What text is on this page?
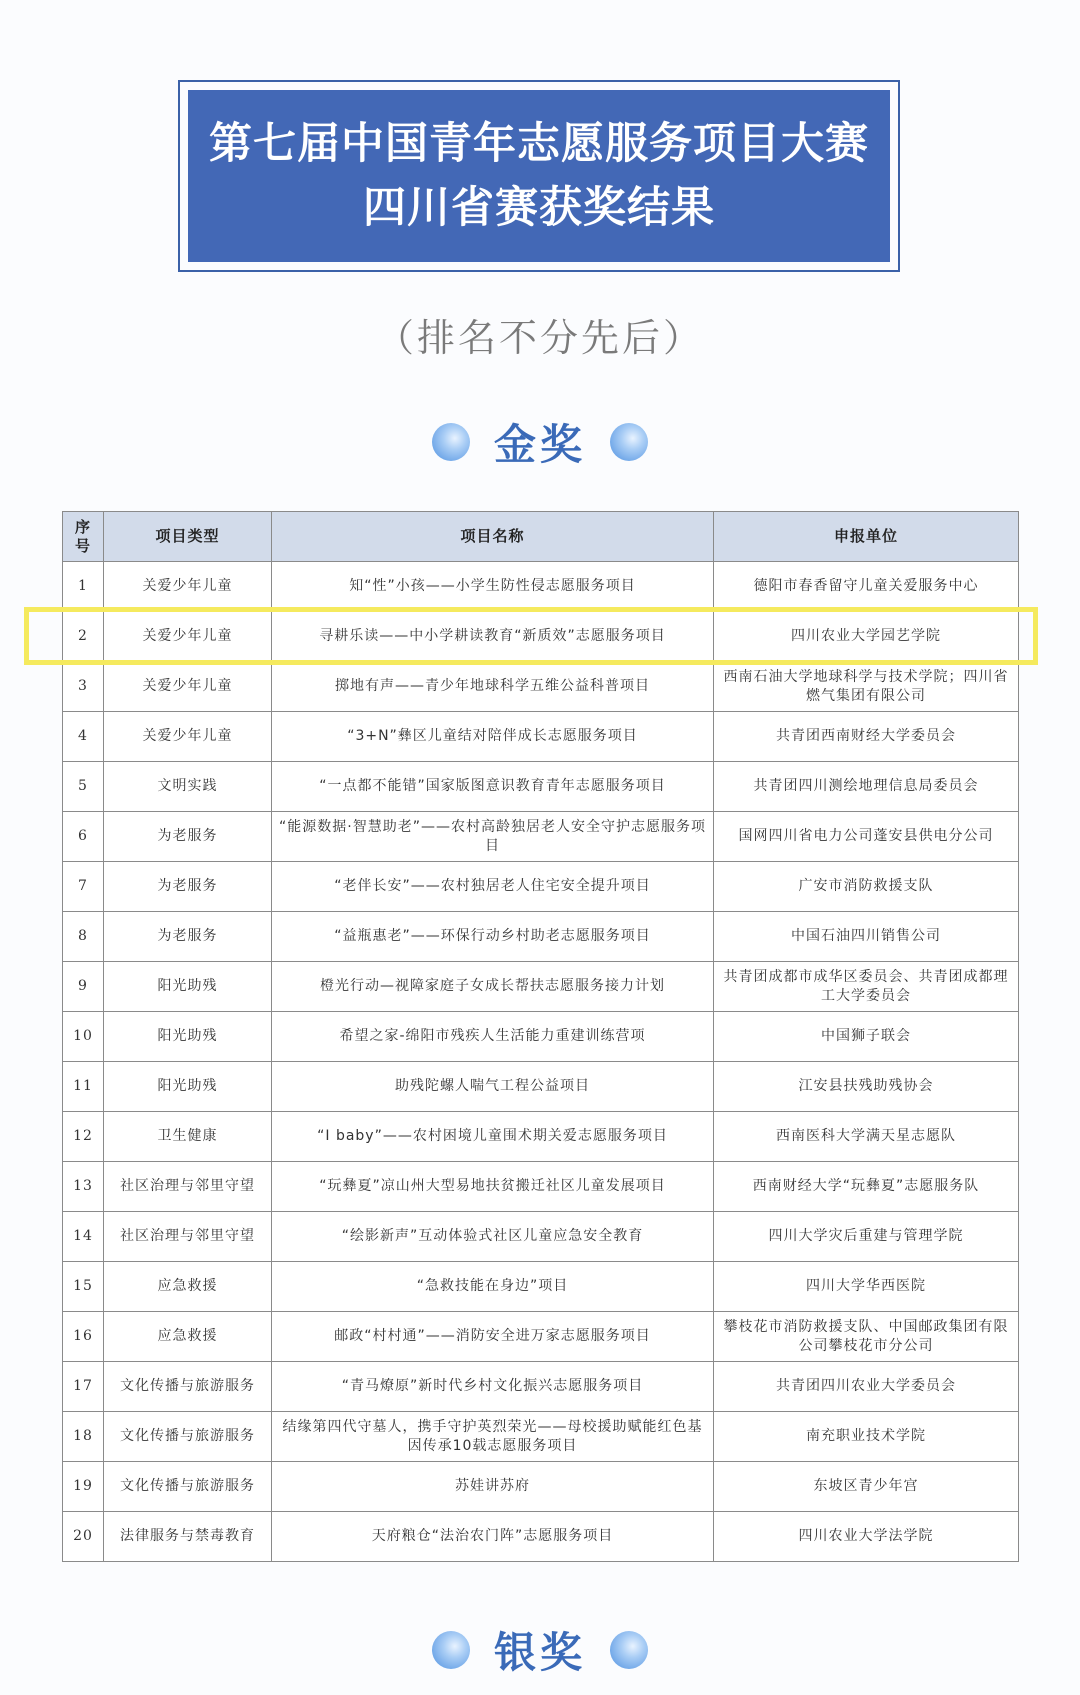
第七届中国青年志愿服务项目大赛
四川省赛获奖结果
（排名不分先后）
金奖
序号	项目类型	项目名称	申报单位
1	关爱少年儿童	知“性”小孩——小学生防性侵志愿服务项目	德阳市春香留守儿童关爱服务中心
2	关爱少年儿童	寻耕乐读——中小学耕读教育“新质效”志愿服务项目	四川农业大学园艺学院
3	关爱少年儿童	掷地有声——青少年地球科学五维公益科普项目	西南石油大学地球科学与技术学院；四川省燃气集团有限公司
4	关爱少年儿童	“3+N”彝区儿童结对陪伴成长志愿服务项目	共青团西南财经大学委员会
5	文明实践	“一点都不能错”国家版图意识教育青年志愿服务项目	共青团四川测绘地理信息局委员会
6	为老服务	“能源数据·智慧助老”——农村高龄独居老人安全守护志愿服务项目	国网四川省电力公司蓬安县供电分公司
7	为老服务	“老伴长安”——农村独居老人住宅安全提升项目	广安市消防救援支队
8	为老服务	“益瓶惠老”——环保行动乡村助老志愿服务项目	中国石油四川销售公司
9	阳光助残	橙光行动—视障家庭子女成长帮扶志愿服务接力计划	共青团成都市成华区委员会、共青团成都理工大学委员会
10	阳光助残	希望之家-绵阳市残疾人生活能力重建训练营项	中国狮子联会
11	阳光助残	助残陀螺人喘气工程公益项目	江安县扶残助残协会
12	卫生健康	“I baby”——农村困境儿童围术期关爱志愿服务项目	西南医科大学满天星志愿队
13	社区治理与邻里守望	“玩彝夏”凉山州大型易地扶贫搬迁社区儿童发展项目	西南财经大学“玩彝夏”志愿服务队
14	社区治理与邻里守望	“绘影新声”互动体验式社区儿童应急安全教育	四川大学灾后重建与管理学院
15	应急救援	“急救技能在身边”项目	四川大学华西医院
16	应急救援	邮政“村村通”——消防安全进万家志愿服务项目	攀枝花市消防救援支队、中国邮政集团有限公司攀枝花市分公司
17	文化传播与旅游服务	“青马燎原”新时代乡村文化振兴志愿服务项目	共青团四川农业大学委员会
18	文化传播与旅游服务	结缘第四代守墓人，携手守护英烈荣光——母校援助赋能红色基因传承10载志愿服务项目	南充职业技术学院
19	文化传播与旅游服务	苏娃讲苏府	东坡区青少年宫
20	法律服务与禁毒教育	天府粮仓“法治农门阵”志愿服务项目	四川农业大学法学院
银奖
